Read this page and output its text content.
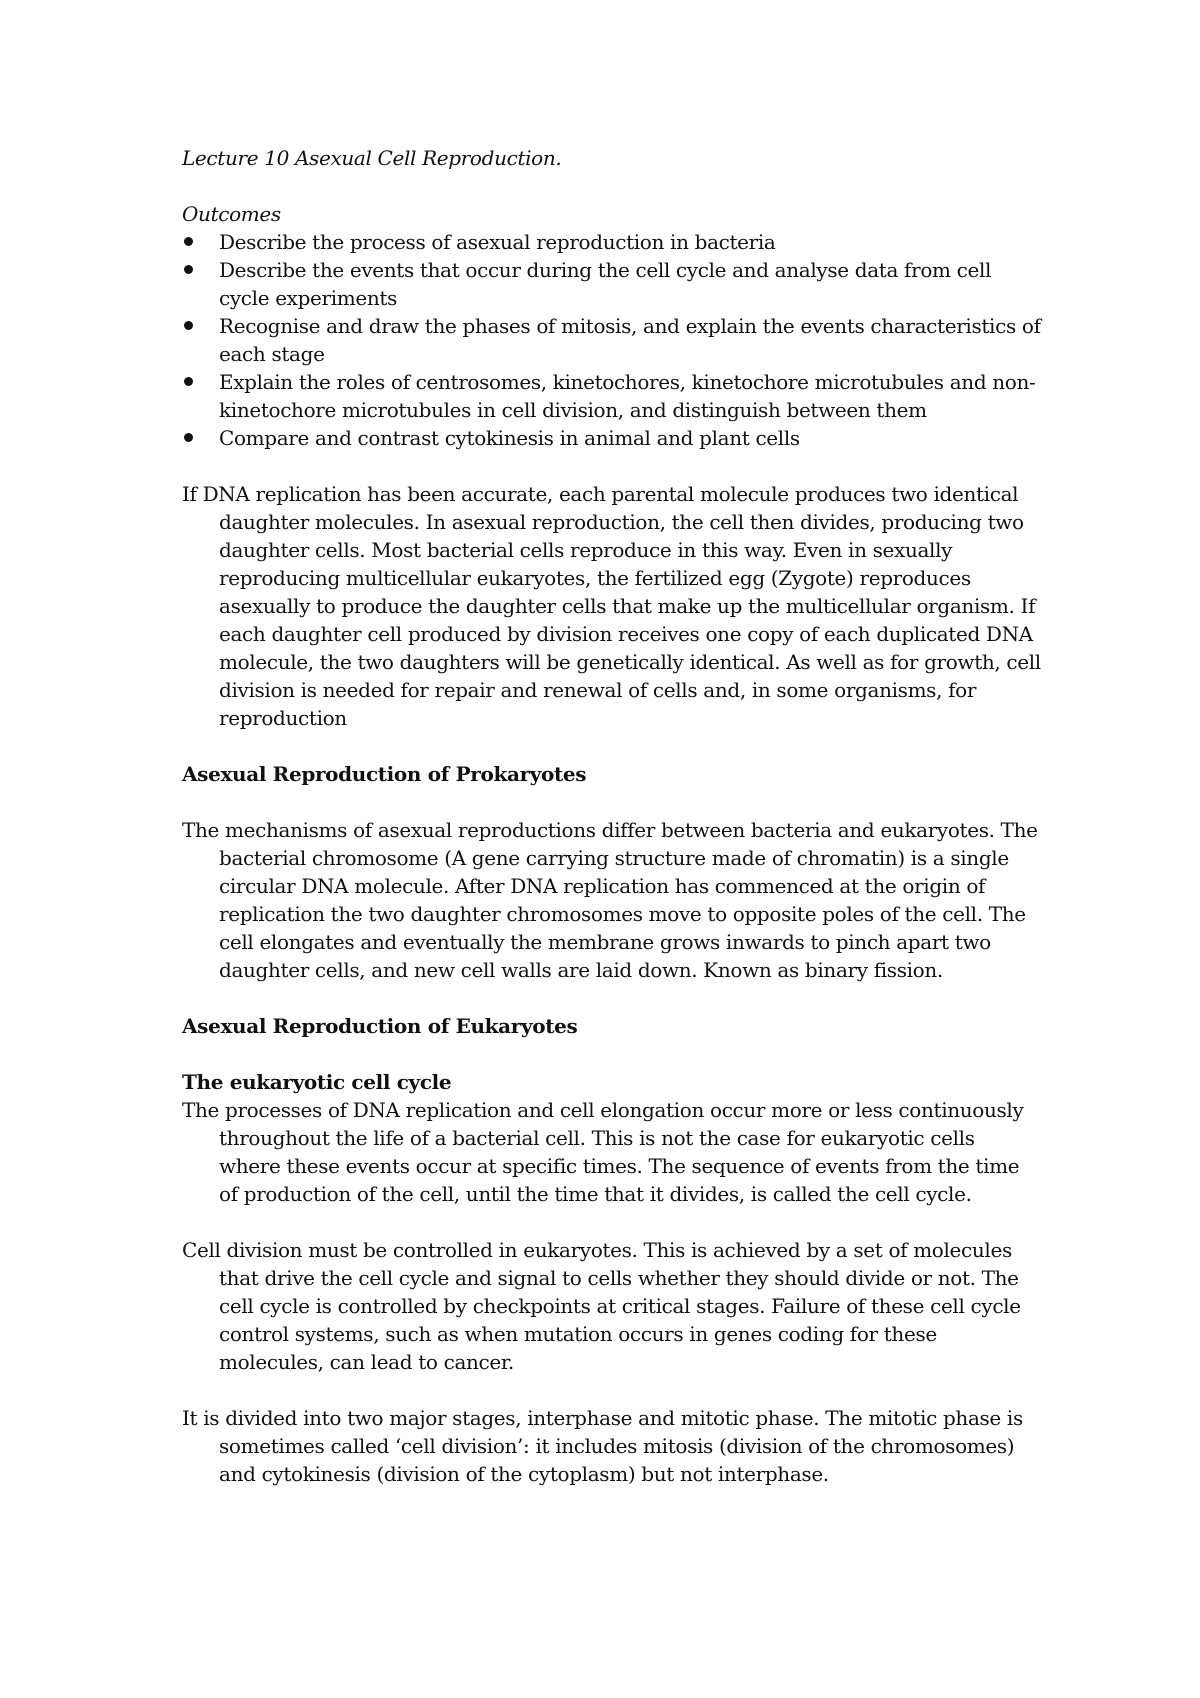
Lecture 10 Asexual Cell Reproduction.

Outcomes

Describe the process of asexual reproduction in bacteria
Describe the events that occur during the cell cycle and analyse data from cell cycle experiments
Recognise and draw the phases of mitosis, and explain the events characteristics of each stage
Explain the roles of centrosomes, kinetochores, kinetochore microtubules and non-kinetochore microtubules in cell division, and distinguish between them
Compare and contrast cytokinesis in animal and plant cells

If DNA replication has been accurate, each parental molecule produces two identical daughter molecules. In asexual reproduction, the cell then divides, producing two daughter cells. Most bacterial cells reproduce in this way. Even in sexually reproducing multicellular eukaryotes, the fertilized egg (Zygote) reproduces asexually to produce the daughter cells that make up the multicellular organism. If each daughter cell produced by division receives one copy of each duplicated DNA molecule, the two daughters will be genetically identical. As well as for growth, cell division is needed for repair and renewal of cells and, in some organisms, for reproduction

Asexual Reproduction of Prokaryotes

The mechanisms of asexual reproductions differ between bacteria and eukaryotes. The bacterial chromosome (A gene carrying structure made of chromatin) is a single circular DNA molecule. After DNA replication has commenced at the origin of replication the two daughter chromosomes move to opposite poles of the cell. The cell elongates and eventually the membrane grows inwards to pinch apart two daughter cells, and new cell walls are laid down. Known as binary fission.

Asexual Reproduction of Eukaryotes

The eukaryotic cell cycle

The processes of DNA replication and cell elongation occur more or less continuously throughout the life of a bacterial cell. This is not the case for eukaryotic cells where these events occur at specific times. The sequence of events from the time of production of the cell, until the time that it divides, is called the cell cycle.

Cell division must be controlled in eukaryotes. This is achieved by a set of molecules that drive the cell cycle and signal to cells whether they should divide or not. The cell cycle is controlled by checkpoints at critical stages. Failure of these cell cycle control systems, such as when mutation occurs in genes coding for these molecules, can lead to cancer.

It is divided into two major stages, interphase and mitotic phase. The mitotic phase is sometimes called ‘cell division’: it includes mitosis (division of the chromosomes) and cytokinesis (division of the cytoplasm) but not interphase.
